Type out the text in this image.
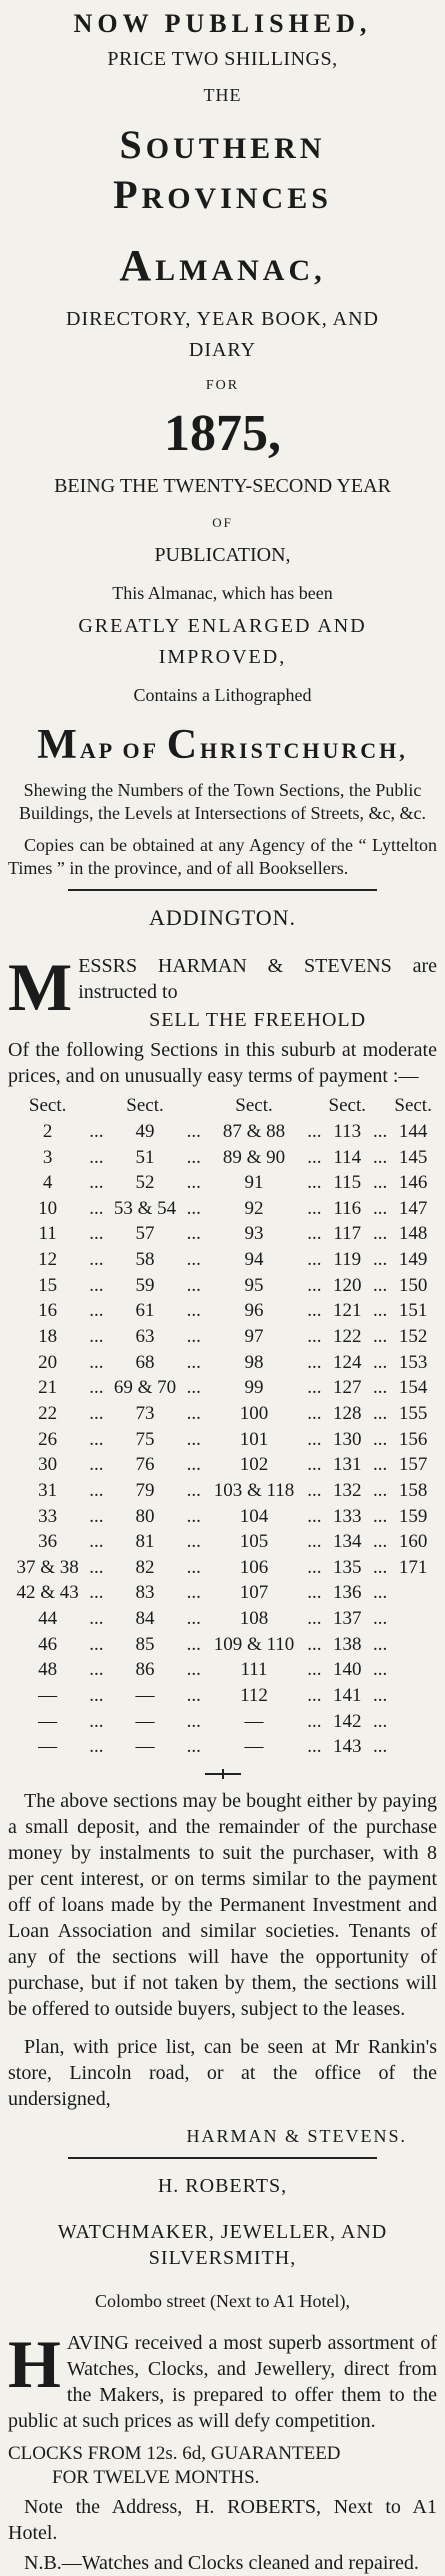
NOW PUBLISHED,

PRICE TWO SHILLINGS,

THE

SOUTHERN PROVINCES

ALMANAC,

DIRECTORY, YEAR BOOK, AND

DIARY

FOR

1875,

BEING THE TWENTY-SECOND YEAR

OF

PUBLICATION,

This Almanac, which has been

GREATLY ENLARGED AND

IMPROVED,

Contains a Lithographed

MAP OF CHRISTCHURCH,

Shewing the Numbers of the Town Sections, the Public Buildings, the Levels at Intersections of Streets, &c, &c.

Copies can be obtained at any Agency of the “ Lyttelton Times ” in the province, and of all Booksellers.

ADDINGTON.

MESSRS HARMAN & STEVENS are instructed to
SELL THE FREEHOLD

Of the following Sections in this suburb at moderate prices, and on unusually easy terms of payment :—

Sect.		Sect.		Sect.		Sect.		Sect.
2	...	49	...	87 & 88	...	113	...	144
3	...	51	...	89 & 90	...	114	...	145
4	...	52	...	91	...	115	...	146
10	...	53 & 54	...	92	...	116	...	147
11	...	57	...	93	...	117	...	148
12	...	58	...	94	...	119	...	149
15	...	59	...	95	...	120	...	150
16	...	61	...	96	...	121	...	151
18	...	63	...	97	...	122	...	152
20	...	68	...	98	...	124	...	153
21	...	69 & 70	...	99	...	127	...	154
22	...	73	...	100	...	128	...	155
26	...	75	...	101	...	130	...	156
30	...	76	...	102	...	131	...	157
31	...	79	...	103 & 118	...	132	...	158
33	...	80	...	104	...	133	...	159
36	...	81	...	105	...	134	...	160
37 & 38	...	82	...	106	...	135	...	171
42 & 43	...	83	...	107	...	136	...	
44	...	84	...	108	...	137	...	
46	...	85	...	109 & 110	...	138	...	
48	...	86	...	111	...	140	...	
—	...	—	...	112	...	141	...	
—	...	—	...	—	...	142	...	
—	...	—	...	—	...	143	...	

The above sections may be bought either by paying a small deposit, and the remainder of the purchase money by instalments to suit the purchaser, with 8 per cent interest, or on terms similar to the payment off of loans made by the Permanent Investment and Loan Association and similar societies. Tenants of any of the sections will have the opportunity of purchase, but if not taken by them, the sections will be offered to outside buyers, subject to the leases.

Plan, with price list, can be seen at Mr Rankin's store, Lincoln road, or at the office of the undersigned,

HARMAN & STEVENS.

H. ROBERTS,

WATCHMAKER, JEWELLER, AND SILVERSMITH,

Colombo street (Next to A1 Hotel),

HAVING received a most superb assortment of Watches, Clocks, and Jewellery, direct from the Makers, is prepared to offer them to the public at such prices as will defy competition.
CLOCKS FROM 12s. 6d, GUARANTEED
FOR TWELVE MONTHS.

Note the Address, H. ROBERTS, Next to A1 Hotel.

N.B.—Watches and Clocks cleaned and repaired.
